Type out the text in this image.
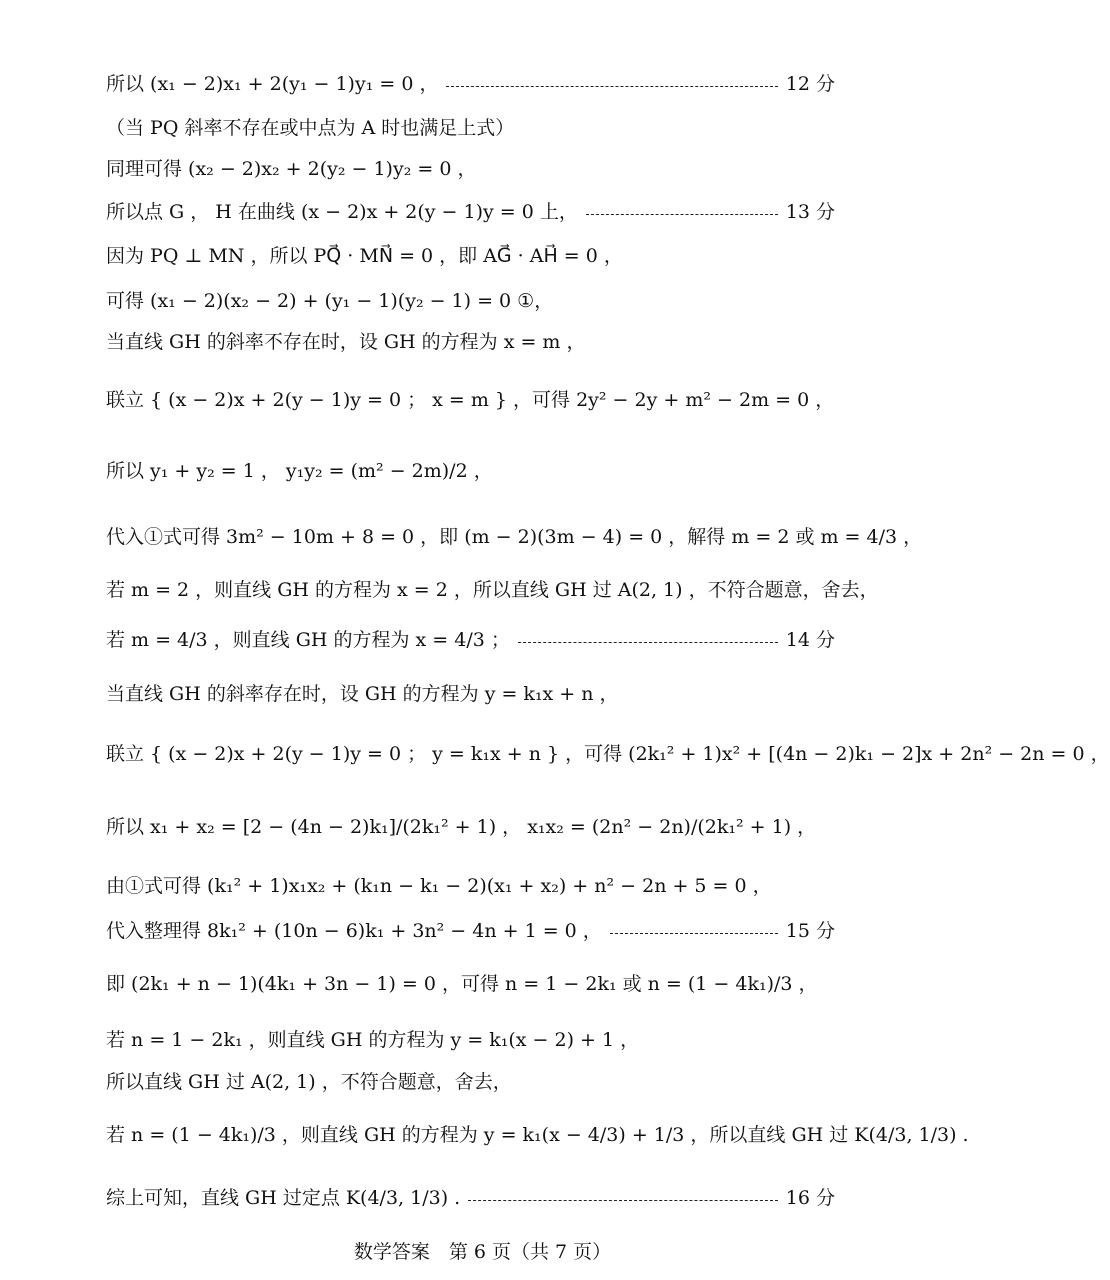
所以 (x₁ − 2)x₁ + 2(y₁ − 1)y₁ = 0 ，	12 分
（当 PQ 斜率不存在或中点为 A 时也满足上式）
同理可得 (x₂ − 2)x₂ + 2(y₂ − 1)y₂ = 0 ，
所以点 G ， H 在曲线 (x − 2)x + 2(y − 1)y = 0 上，	13 分
因为 PQ ⊥ MN ，所以 PQ⃗ · MN⃗ = 0 ，即 AG⃗ · AH⃗ = 0 ，
可得 (x₁ − 2)(x₂ − 2) + (y₁ − 1)(y₂ − 1) = 0 ①，
当直线 GH 的斜率不存在时，设 GH 的方程为 x = m ，
联立 { (x − 2)x + 2(y − 1)y = 0 ； x = m } ，可得 2y² − 2y + m² − 2m = 0 ，
所以 y₁ + y₂ = 1 ， y₁y₂ = (m² − 2m)/2 ，
代入①式可得 3m² − 10m + 8 = 0 ，即 (m − 2)(3m − 4) = 0 ，解得 m = 2 或 m = 4/3 ，
若 m = 2 ，则直线 GH 的方程为 x = 2 ，所以直线 GH 过 A(2, 1) ，不符合题意，舍去，
若 m = 4/3 ，则直线 GH 的方程为 x = 4/3 ；	14 分
当直线 GH 的斜率存在时，设 GH 的方程为 y = k₁x + n ，
联立 { (x − 2)x + 2(y − 1)y = 0 ； y = k₁x + n } ，可得 (2k₁² + 1)x² + [(4n − 2)k₁ − 2]x + 2n² − 2n = 0 ，
所以 x₁ + x₂ = [2 − (4n − 2)k₁]/(2k₁² + 1) ， x₁x₂ = (2n² − 2n)/(2k₁² + 1) ，
由①式可得 (k₁² + 1)x₁x₂ + (k₁n − k₁ − 2)(x₁ + x₂) + n² − 2n + 5 = 0 ，
代入整理得 8k₁² + (10n − 6)k₁ + 3n² − 4n + 1 = 0 ，	15 分
即 (2k₁ + n − 1)(4k₁ + 3n − 1) = 0 ，可得 n = 1 − 2k₁ 或 n = (1 − 4k₁)/3 ，
若 n = 1 − 2k₁ ，则直线 GH 的方程为 y = k₁(x − 2) + 1 ，
所以直线 GH 过 A(2, 1) ，不符合题意，舍去，
若 n = (1 − 4k₁)/3 ，则直线 GH 的方程为 y = k₁(x − 4/3) + 1/3 ，所以直线 GH 过 K(4/3, 1/3) .
综上可知，直线 GH 过定点 K(4/3, 1/3) .	16 分
数学答案　第 6 页（共 7 页）
